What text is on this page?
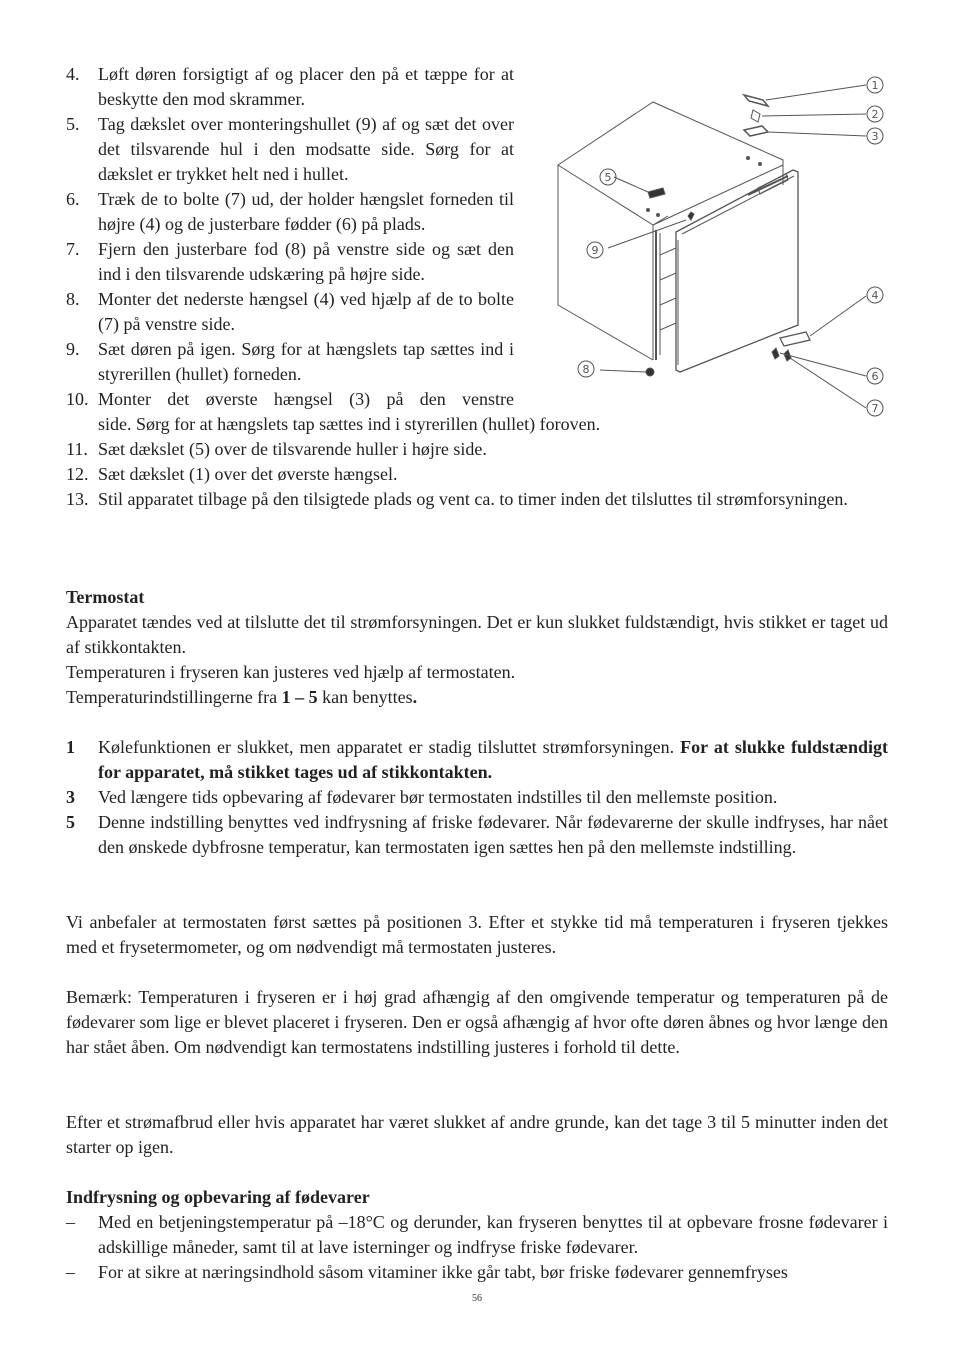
4. Løft døren forsigtigt af og placer den på et tæppe for at beskytte den mod skrammer.
5. Tag dækslet over monteringshullet (9) af og sæt det over det tilsvarende hul i den modsatte side. Sørg for at dækslet er trykket helt ned i hullet.
6. Træk de to bolte (7) ud, der holder hængslet forneden til højre (4) og de justerbare fødder (6) på plads.
7. Fjern den justerbare fod (8) på venstre side og sæt den ind i den tilsvarende udskæring på højre side.
8. Monter det nederste hængsel (4) ved hjælp af de to bolte (7) på venstre side.
9. Sæt døren på igen. Sørg for at hængslets tap sættes ind i styrerillen (hullet) forneden.
10. Monter det øverste hængsel (3) på den venstre
side. Sørg for at hængslets tap sættes ind i styrerillen (hullet) foroven.
11. Sæt dækslet (5) over de tilsvarende huller i højre side.
12. Sæt dækslet (1) over det øverste hængsel.
13. Stil apparatet tilbage på den tilsigtede plads og vent ca. to timer inden det tilsluttes til strømforsyningen.
1
2
3
4
5
6
7
8
9

Termostat

Apparatet tændes ved at tilslutte det til strømforsyningen. Det er kun slukket fuldstændigt, hvis stikket er taget ud af stikkontakten.

Temperaturen i fryseren kan justeres ved hjælp af termostaten.

Temperaturindstillingerne fra 1 – 5 kan benyttes.

1 Kølefunktionen er slukket, men apparatet er stadig tilsluttet strømforsyningen. For at slukke fuldstændigt for apparatet, må stikket tages ud af stikkontakten.
3 Ved længere tids opbevaring af fødevarer bør termostaten indstilles til den mellemste position.
5 Denne indstilling benyttes ved indfrysning af friske fødevarer. Når fødevarerne der skulle indfryses, har nået den ønskede dybfrosne temperatur, kan termostaten igen sættes hen på den mellemste indstilling.

Vi anbefaler at termostaten først sættes på positionen 3. Efter et stykke tid må temperaturen i fryseren tjekkes med et frysetermometer, og om nødvendigt må termostaten justeres.

Bemærk: Temperaturen i fryseren er i høj grad afhængig af den omgivende temperatur og temperaturen på de fødevarer som lige er blevet placeret i fryseren. Den er også afhængig af hvor ofte døren åbnes og hvor længe den har stået åben. Om nødvendigt kan termostatens indstilling justeres i forhold til dette.

Efter et strømafbrud eller hvis apparatet har været slukket af andre grunde, kan det tage 3 til 5 minutter inden det starter op igen.

Indfrysning og opbevaring af fødevarer

– Med en betjeningstemperatur på –18°C og derunder, kan fryseren benyttes til at opbevare frosne fødevarer i adskillige måneder, samt til at lave isterninger og indfryse friske fødevarer.
– For at sikre at næringsindhold såsom vitaminer ikke går tabt, bør friske fødevarer gennemfryses
56
